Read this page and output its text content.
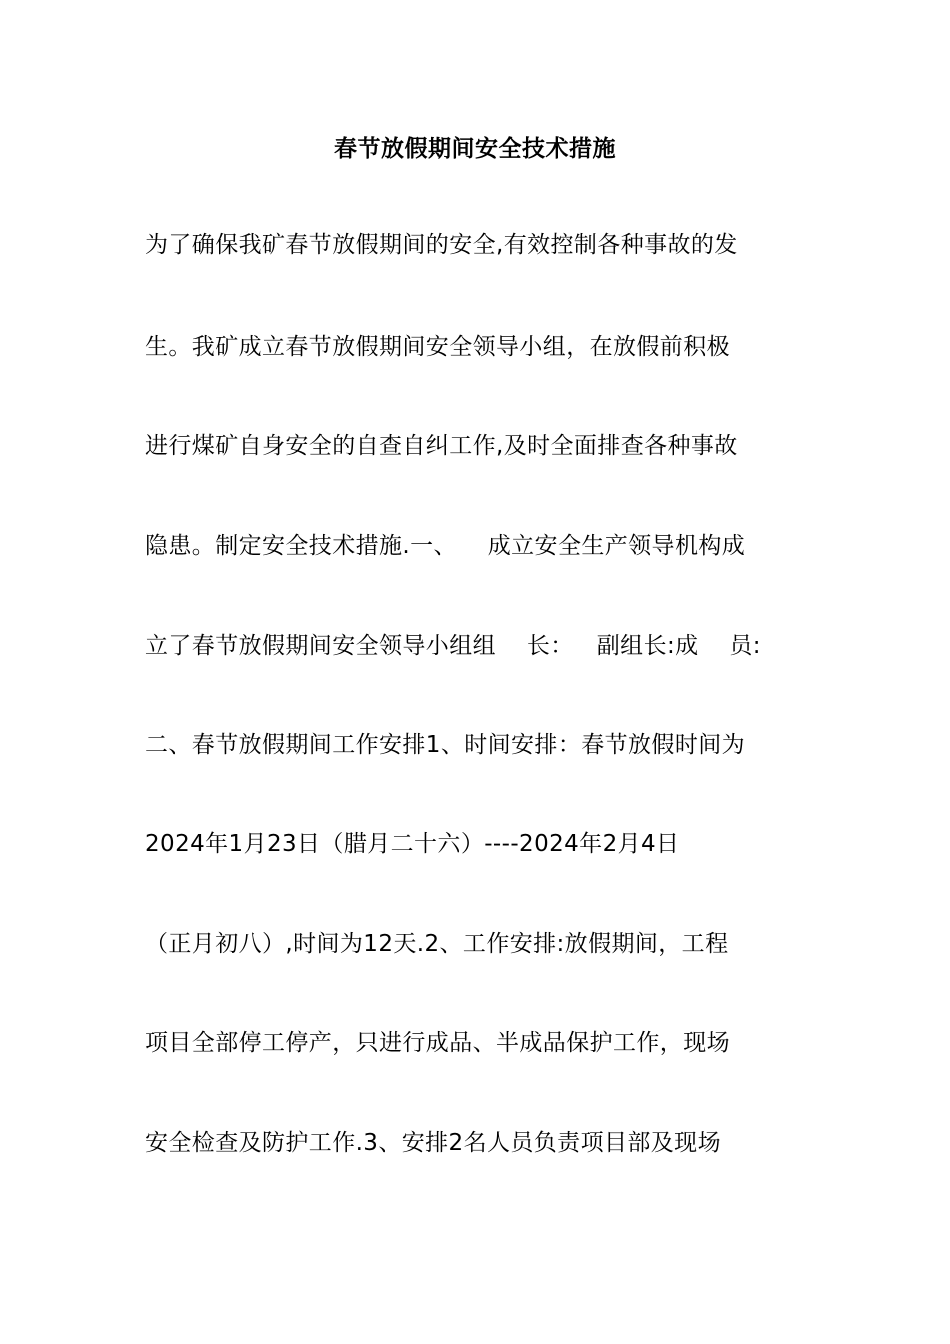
春节放假期间安全技术措施
为了确保我矿春节放假期间的安全,有效控制各种事故的发
生。我矿成立春节放假期间安全领导小组，在放假前积极
进行煤矿自身安全的自查自纠工作,及时全面排查各种事故
隐患。制定安全技术措施.一、    成立安全生产领导机构成
立了春节放假期间安全领导小组组    长：   副组长:成    员:
二、春节放假期间工作安排1、时间安排：春节放假时间为
2024年1月23日（腊月二十六）----2024年2月4日
（正月初八）,时间为12天.2、工作安排:放假期间，工程
项目全部停工停产，只进行成品、半成品保护工作，现场
安全检查及防护工作.3、安排2名人员负责项目部及现场
